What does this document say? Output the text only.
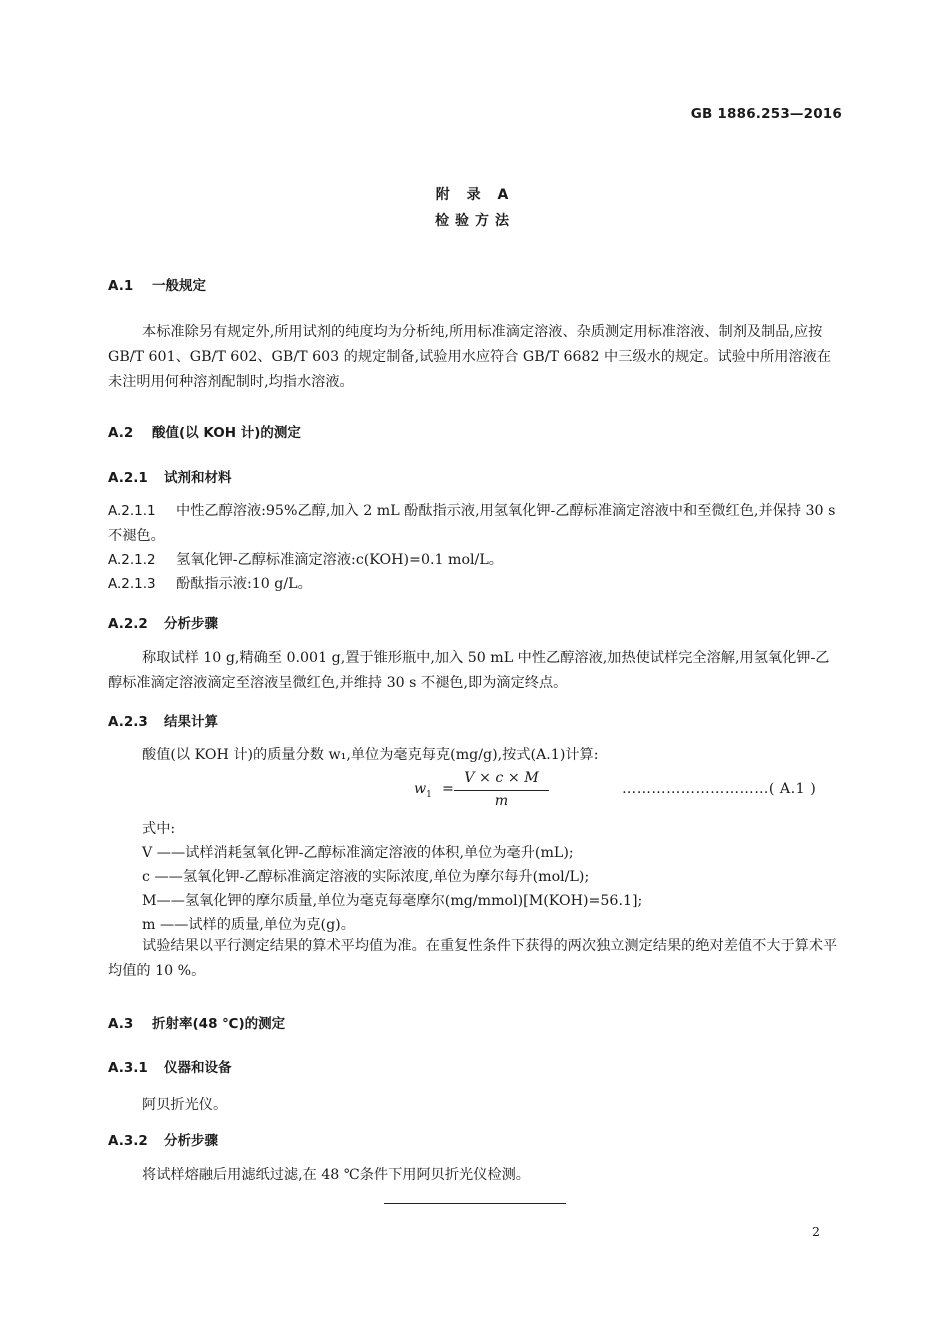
GB 1886.253—2016
附 录 A
检验方法
A.1 一般规定
本标准除另有规定外,所用试剂的纯度均为分析纯,所用标准滴定溶液、杂质测定用标准溶液、制剂及制品,应按 GB/T 601、GB/T 602、GB/T 603 的规定制备,试验用水应符合 GB/T 6682 中三级水的规定。试验中所用溶液在未注明用何种溶剂配制时,均指水溶液。
A.2 酸值(以 KOH 计)的测定
A.2.1 试剂和材料
A.2.1.1 中性乙醇溶液:95%乙醇,加入 2 mL 酚酞指示液,用氢氧化钾-乙醇标准滴定溶液中和至微红色,并保持 30 s 不褪色。
A.2.1.2 氢氧化钾-乙醇标准滴定溶液:c(KOH)=0.1 mol/L。
A.2.1.3 酚酞指示液:10 g/L。
A.2.2 分析步骤
称取试样 10 g,精确至 0.001 g,置于锥形瓶中,加入 50 mL 中性乙醇溶液,加热使试样完全溶解,用氢氧化钾-乙醇标准滴定溶液滴定至溶液呈微红色,并维持 30 s 不褪色,即为滴定终点。
A.2.3 结果计算
酸值(以 KOH 计)的质量分数 w₁,单位为毫克每克(mg/g),按式(A.1)计算:
$w_1$ =
V × c × M
m
…………………………( A.1 )
式中:
V ——试样消耗氢氧化钾-乙醇标准滴定溶液的体积,单位为毫升(mL);
c ——氢氧化钾-乙醇标准滴定溶液的实际浓度,单位为摩尔每升(mol/L);
M——氢氧化钾的摩尔质量,单位为毫克每毫摩尔(mg/mmol)[M(KOH)=56.1];
m ——试样的质量,单位为克(g)。
试验结果以平行测定结果的算术平均值为准。在重复性条件下获得的两次独立测定结果的绝对差值不大于算术平均值的 10 %。
A.3 折射率(48 ℃)的测定
A.3.1 仪器和设备
阿贝折光仪。
A.3.2 分析步骤
将试样熔融后用滤纸过滤,在 48 ℃条件下用阿贝折光仪检测。
2
